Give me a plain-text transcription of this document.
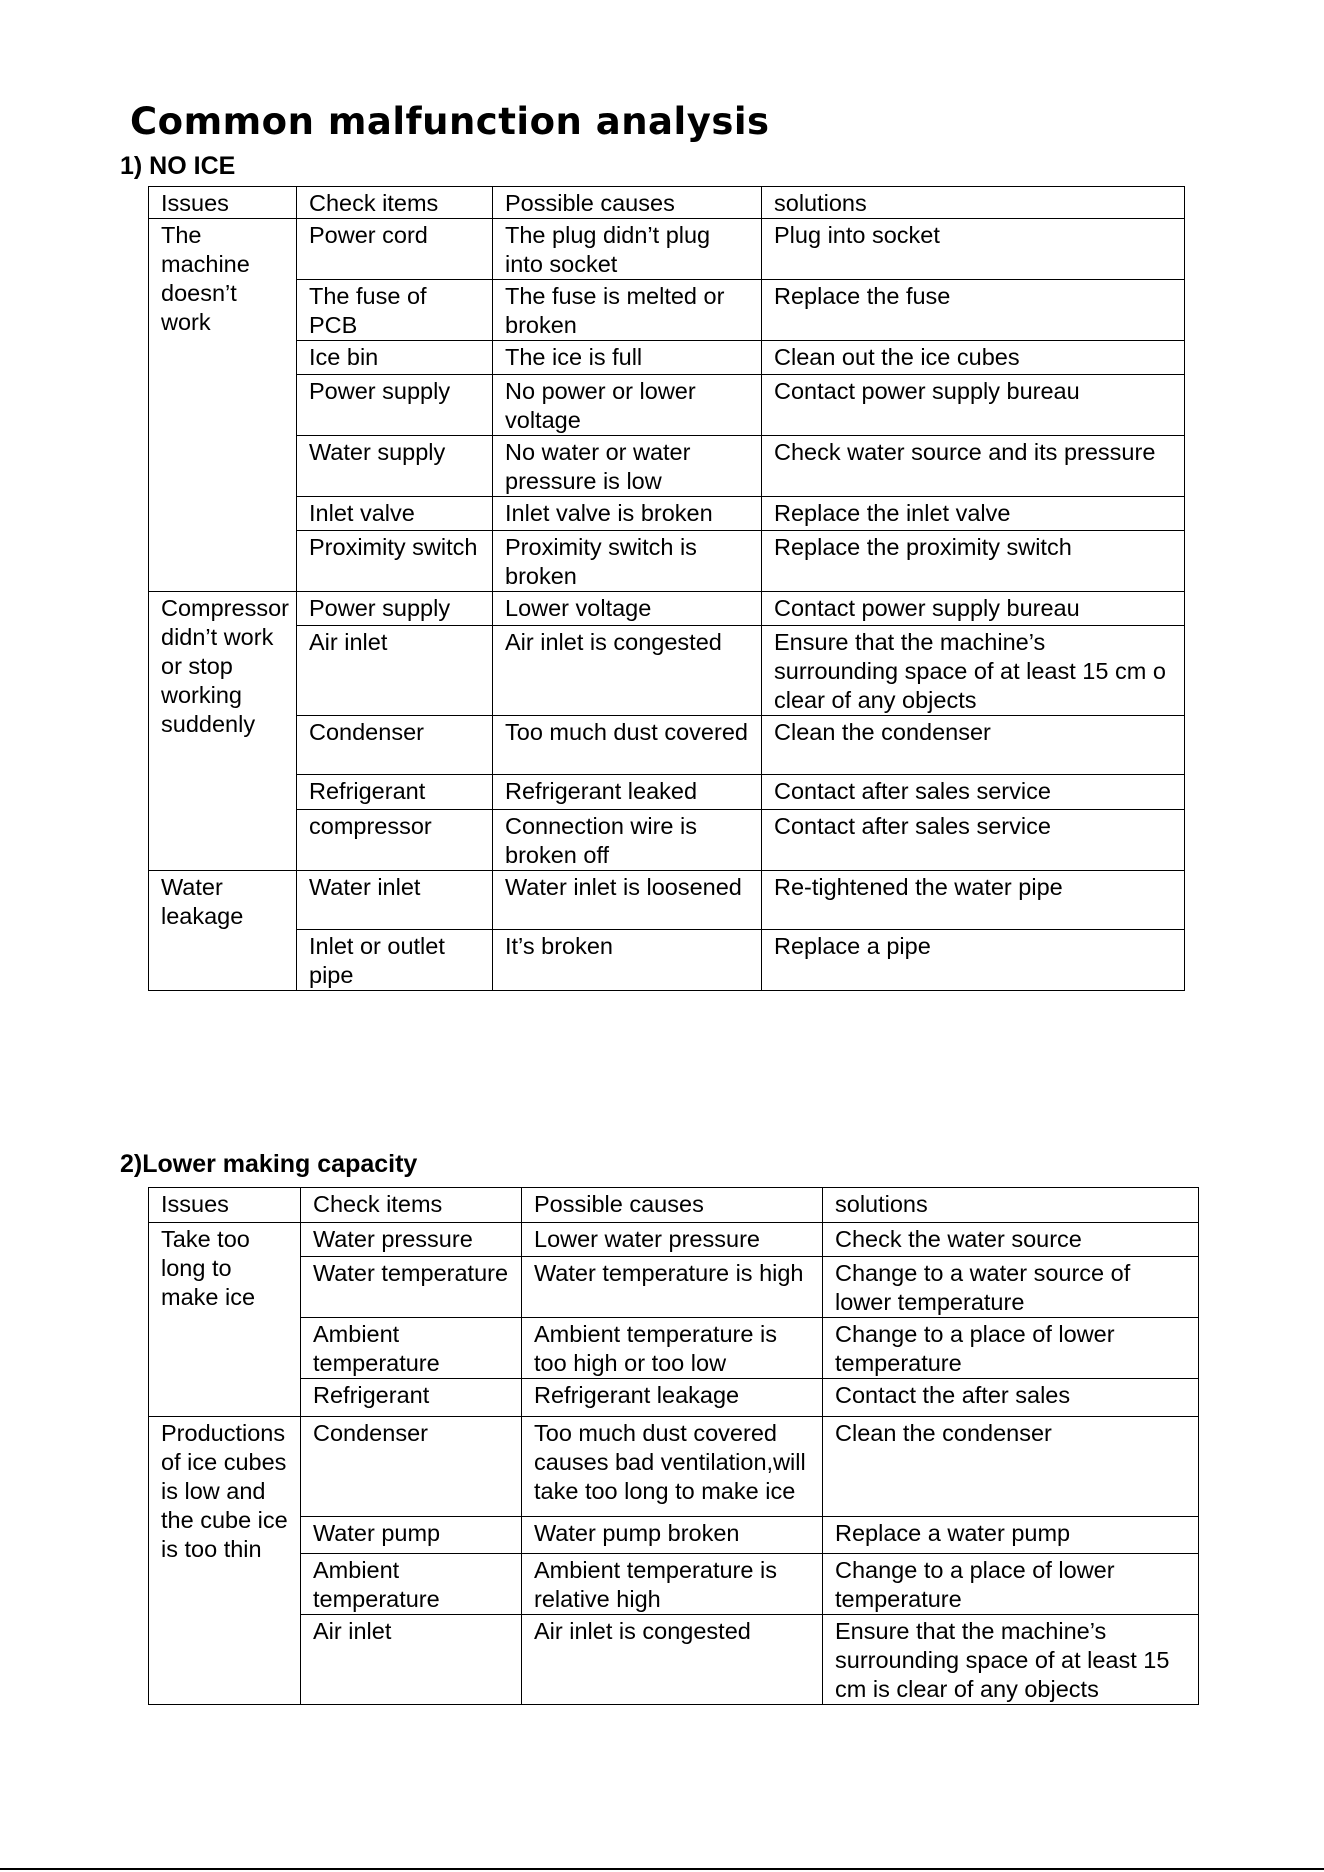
Common malfunction analysis
1) NO ICE
Issues	Check items	Possible causes	solutions
The machine doesn’t work	Power cord	The plug didn’t plug into socket	Plug into socket
	The fuse of PCB	The fuse is melted or broken	Replace the fuse
	Ice bin	The ice is full	Clean out the ice cubes
	Power supply	No power or lower voltage	Contact power supply bureau
	Water supply	No water or water pressure is low	Check water source and its pressure
	Inlet valve	Inlet valve is broken	Replace the inlet valve
	Proximity switch	Proximity switch is broken	Replace the proximity switch
Compressor didn’t work or stop working suddenly	Power supply	Lower voltage	Contact power supply bureau
	Air inlet	Air inlet is congested	Ensure that the machine’s surrounding space of at least 15 cm o clear of any objects
	Condenser	Too much dust covered	Clean the condenser
	Refrigerant	Refrigerant leaked	Contact after sales service
	compressor	Connection wire is broken off	Contact after sales service
Water leakage	Water inlet	Water inlet is loosened	Re-tightened the water pipe
	Inlet or outlet pipe	It’s broken	Replace a pipe
2)Lower making capacity
Issues	Check items	Possible causes	solutions
Take too long to make ice	Water pressure	Lower water pressure	Check the water source
	Water temperature	Water temperature is high	Change to a water source of lower temperature
	Ambient temperature	Ambient temperature is too high or too low	Change to a place of lower temperature
	Refrigerant	Refrigerant leakage	Contact the after sales
Productions of ice cubes is low and the cube ice is too thin	Condenser	Too much dust covered causes bad ventilation,will take too long to make ice	Clean the condenser
	Water pump	Water pump broken	Replace a water pump
	Ambient temperature	Ambient temperature is relative high	Change to a place of lower temperature
	Air inlet	Air inlet is congested	Ensure that the machine’s surrounding space of at least 15 cm is clear of any objects
